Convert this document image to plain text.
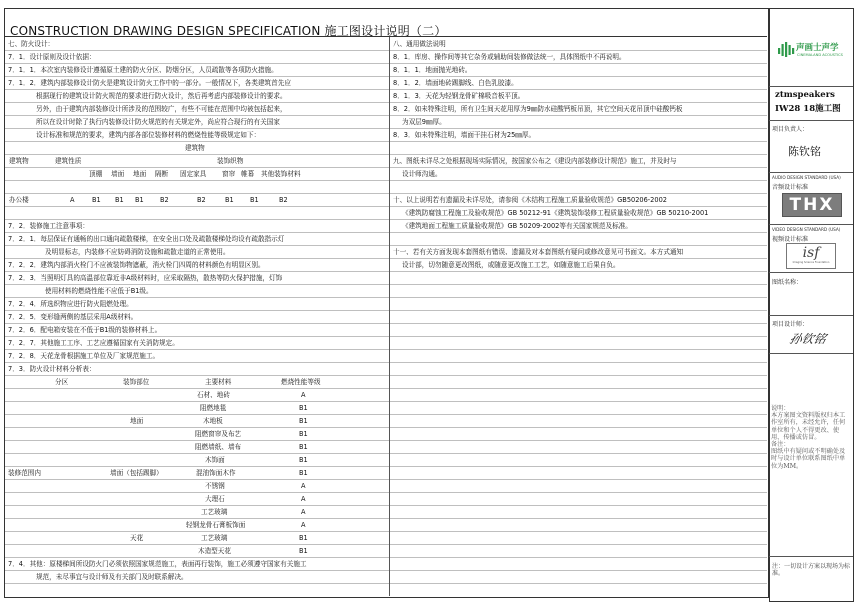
CONSTRUCTION DRAWING DESIGN SPECIFICATION 施工图设计说明（二）
七、防火设计：
7．1．设计原则及设计依据：
7．1．1．本次室内装修设计遵循原土建的防火分区、防烟分区，人员疏散等各项防火措施。
7．1．2．建筑内部装修设计防火是建筑设计防火工作中的一部分。一般情况下，各类建筑首先应
根据现行的建筑设计防火规范的要求进行防火设计，然后再考虑内部装修设计的要求。
另外，由于建筑内部装修设计所涉及的范围较广，有些不可能在范围中均被包括起来，
所以在设计时除了执行内装修设计防火规范的有关规定外，尚应符合现行的有关国家
设计标准和规范的要求，建筑内部各部位装修材料的燃烧性能等级规定如下：
建筑物
建筑物	建筑性质	装饰织物
顶棚 墙面 地面 隔断 固定家具 窗帘 帷幕 其他装饰材料
办公楼	A	B1 B1 B1 B2	B2	B1 B1	B2
7．2．装修施工注意事项：
7．2．1．每层保证有通畅的出口通向疏散楼梯，在安全出口处及疏散楼梯处均设有疏散指示灯
及明显标志，内装修不应妨碍消防设施和疏散走道的正常使用。
7．2．2．建筑内部消火栓门不应被装饰物遮蔽，消火栓门四周的材料颜色有明显区别。
7．2．3．当照明灯具的高温部位靠近非A级材料时，应采取隔热，散热等防火保护措施，灯饰
使用材料的燃烧性能不应低于B1级。
7．2．4．所选织物应进行防火阻燃处理。
7．2．5．变形缝两侧的基层采用A级材料。
7．2．6．配电箱安装在不低于B1级的装修材料上。
7．2．7．其他施工工序、工艺应遵循国家有关消防规定。
7．2．8．天花龙骨根据施工单位及厂家规范施工。
7．3．防火设计材料分析表：
分区	装饰部位	主要材料	燃烧性能等级
石材、地砖	A
阻燃地毯	B1
地面	木地板	B1
阻燃窗帘及布艺	B1
阻燃墙纸、墙布	B1
木饰面	B1
装修范围内	墙面（包括踢脚）	混油饰面木作	B1
不锈钢	A
大理石	A
工艺玻璃	A
轻钢龙骨石膏板饰面	A
天花	工艺玻璃	B1
木造型天花	B1
7．4．其他：原楼梯间所设防火门必须依照国家规范施工，表面再行装饰，施工必须遵守国家有关施工
规范，未尽事宜与设计师及有关部门及时联系解决。
八、通用做法说明
8．1．库房、操作间等其它杂务或辅助间装修做法统一，具体图纸中不再说明。
8．1．1．地面抛光地砖。
8．1．2．墙面地砖踢脚线、白色乳胶漆。
8．1．3．天花为轻钢龙骨矿棉吸音板平顶。
8．2．如未特殊注明，所有卫生间天花用厚为9㎜防水硅酸钙板吊顶，其它空间天花吊顶中硅酸钙板
为双层9㎜厚。
8．3．如未特殊注明，墙面干挂石材为25㎜厚。
九、图纸未详尽之处根据现场实际情况，按国家公布之《建设内部装修设计规范》施工，并及时与
设计师沟通。
十、以上说明若有遗漏及未详尽处，请参阅《木结构工程施工质量验收规范》GB50206-2002
《建筑防腐蚀工程施工及验收规范》GB 50212-91《建筑装饰装修工程质量验收规范》GB 50210-2001
《建筑地面工程施工质量验收规范》GB 50209-2002等有关国家规范及标准。
十一、若有关方面发现本套图纸有错误、遗漏及对本套图纸有疑问或修改意见可书面文。本方式通知
设计部，切勿随意更改图纸，或随意更改施工工艺，如随意施工后果自负。
声画士声学
CINEMALAND ACOUSTICS
ztmspeakers
IW28 18施工图
项目负责人：
陈钦铭
AUDIO DESIGN STANDARD (USA)
音频设计标准
THX
VIDEO DESIGN STANDARD (USA)
视频设计标准
isf
Imaging Science Foundation
图纸名称：
项目设计师：
孙钦铭
说明：
本方案图文资料版权归本工作室所有，未经允许，任何单位和个人不得更改、使用、传播或仿冒。
备注：
图纸中有疑问或不明确处及时与设计单位联系图纸中单位为MM。
注：一切设计方案以现场为标准。
